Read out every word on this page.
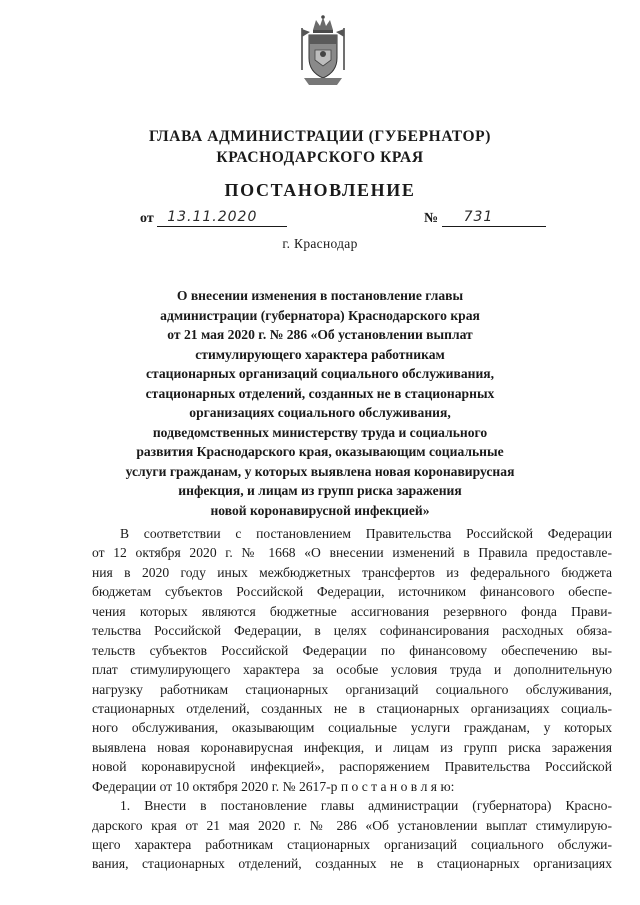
ГЛАВА АДМИНИСТРАЦИИ (ГУБЕРНАТОР)
КРАСНОДАРСКОГО КРАЯ
ПОСТАНОВЛЕНИЕ
от 13.11.2020	№ 731
г. Краснодар
О внесении изменения в постановление главы
администрации (губернатора) Краснодарского края
от 21 мая 2020 г. № 286 «Об установлении выплат
стимулирующего характера работникам
стационарных организаций социального обслуживания,
стационарных отделений, созданных не в стационарных
организациях социального обслуживания,
подведомственных министерству труда и социального
развития Краснодарского края, оказывающим социальные
услуги гражданам, у которых выявлена новая коронавирусная
инфекция, и лицам из групп риска заражения
новой коронавирусной инфекцией»
В соответствии с постановлением Правительства Российской Федерации
от 12 октября 2020 г. № 1668 «О внесении изменений в Правила предоставле-
ния в 2020 году иных межбюджетных трансфертов из федерального бюджета
бюджетам субъектов Российской Федерации, источником финансового обеспе-
чения которых являются бюджетные ассигнования резервного фонда Прави-
тельства Российской Федерации, в целях софинансирования расходных обяза-
тельств субъектов Российской Федерации по финансовому обеспечению вы-
плат стимулирующего характера за особые условия труда и дополнительную
нагрузку работникам стационарных организаций социального обслуживания,
стационарных отделений, созданных не в стационарных организациях социаль-
ного обслуживания, оказывающим социальные услуги гражданам, у которых
выявлена новая коронавирусная инфекция, и лицам из групп риска заражения
новой коронавирусной инфекцией», распоряжением Правительства Российской
Федерации от 10 октября 2020 г. № 2617-р п о с т а н о в л я ю:
1. Внести в постановление главы администрации (губернатора) Красно-
дарского края от 21 мая 2020 г. № 286 «Об установлении выплат стимулирую-
щего характера работникам стационарных организаций социального обслужи-
вания, стационарных отделений, созданных не в стационарных организациях
